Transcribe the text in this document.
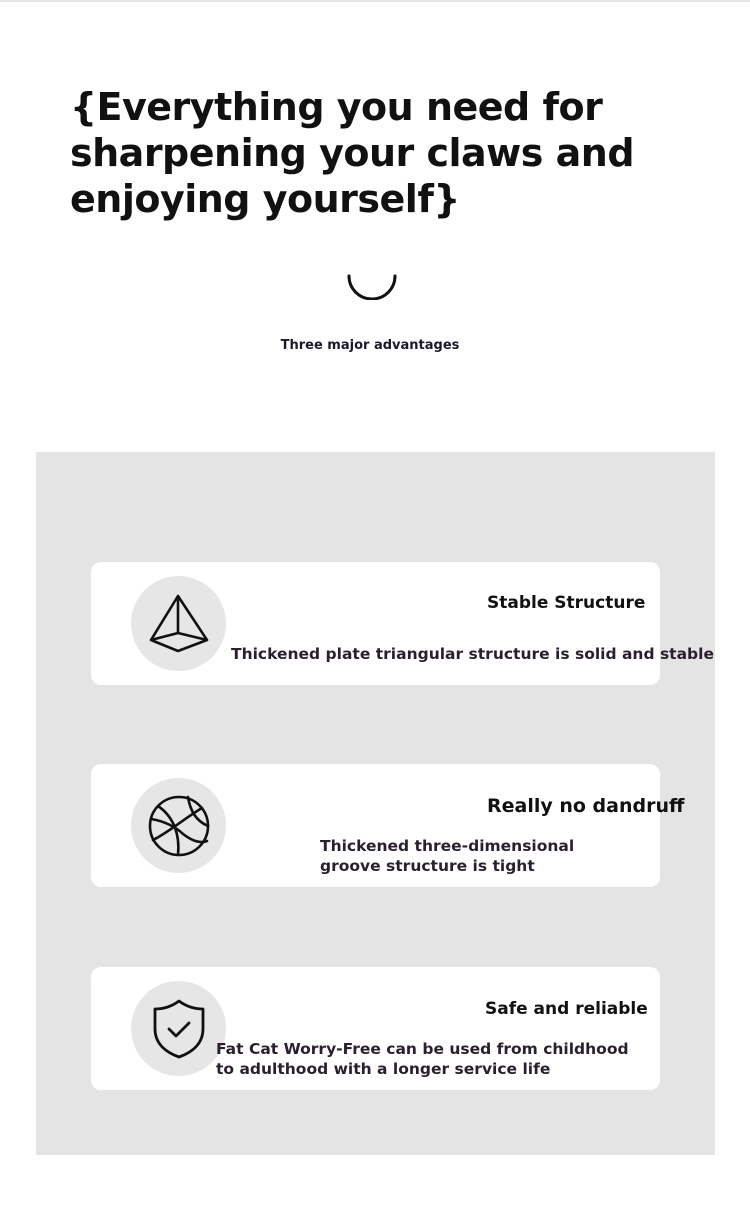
{Everything you need for sharpening your claws and enjoying yourself}
Three major advantages
Stable Structure
Thickened plate triangular structure is solid and stable
Really no dandruff
Thickened three-dimensional groove structure is tight
Safe and reliable
Fat Cat Worry-Free can be used from childhood to adulthood with a longer service life
